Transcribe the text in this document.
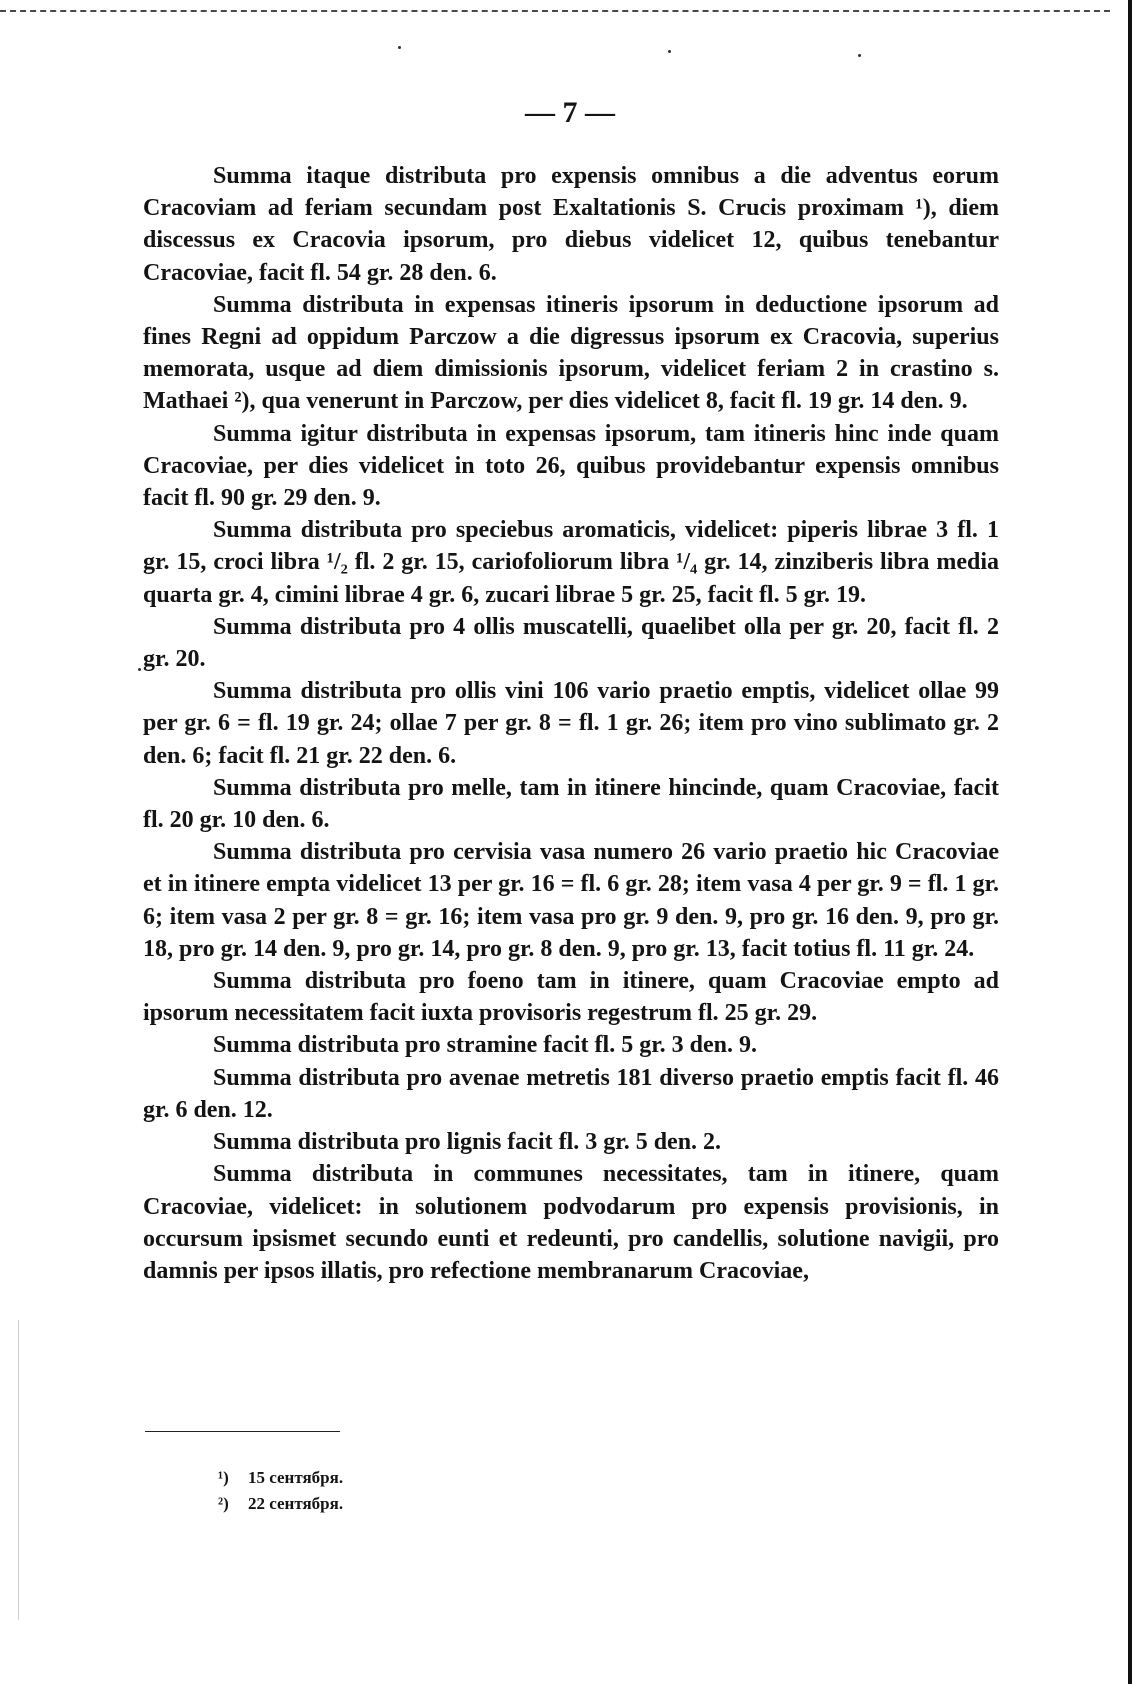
— 7 —

Summa itaque distributa pro expensis omnibus a die adventus eorum Cracoviam ad feriam secundam post Exaltationis S. Crucis proximam ¹), diem discessus ex Cracovia ipsorum, pro diebus videlicet 12, quibus tenebantur Cracoviae, facit fl. 54 gr. 28 den. 6.

Summa distributa in expensas itineris ipsorum in deductione ipsorum ad fines Regni ad oppidum Parczow a die digressus ipsorum ex Cracovia, superius memorata, usque ad diem dimissionis ipsorum, videlicet feriam 2 in crastino s. Mathaei ²), qua venerunt in Parczow, per dies videlicet 8, facit fl. 19 gr. 14 den. 9.

Summa igitur distributa in expensas ipsorum, tam itineris hinc inde quam Cracoviae, per dies videlicet in toto 26, quibus providebantur expensis omnibus facit fl. 90 gr. 29 den. 9.

Summa distributa pro speciebus aromaticis, videlicet: piperis librae 3 fl. 1 gr. 15, croci libra ¹/₂ fl. 2 gr. 15, cariofoliorum libra ¹/₄ gr. 14, zinziberis libra media quarta gr. 4, cimini librae 4 gr. 6, zucari librae 5 gr. 25, facit fl. 5 gr. 19.

Summa distributa pro 4 ollis muscatelli, quaelibet olla per gr. 20, facit fl. 2 gr. 20.

Summa distributa pro ollis vini 106 vario praetio emptis, videlicet ollae 99 per gr. 6 = fl. 19 gr. 24; ollae 7 per gr. 8 = fl. 1 gr. 26; item pro vino sublimato gr. 2 den. 6; facit fl. 21 gr. 22 den. 6.

Summa distributa pro melle, tam in itinere hincinde, quam Cracoviae, facit fl. 20 gr. 10 den. 6.

Summa distributa pro cervisia vasa numero 26 vario praetio hic Cracoviae et in itinere empta videlicet 13 per gr. 16 = fl. 6 gr. 28; item vasa 4 per gr. 9 = fl. 1 gr. 6; item vasa 2 per gr. 8 = gr. 16; item vasa pro gr. 9 den. 9, pro gr. 16 den. 9, pro gr. 18, pro gr. 14 den. 9, pro gr. 14, pro gr. 8 den. 9, pro gr. 13, facit totius fl. 11 gr. 24.

Summa distributa pro foeno tam in itinere, quam Cracoviae empto ad ipsorum necessitatem facit iuxta provisoris regestrum fl. 25 gr. 29.

Summa distributa pro stramine facit fl. 5 gr. 3 den. 9.

Summa distributa pro avenae metretis 181 diverso praetio emptis facit fl. 46 gr. 6 den. 12.

Summa distributa pro lignis facit fl. 3 gr. 5 den. 2.

Summa distributa in communes necessitates, tam in itinere, quam Cracoviae, videlicet: in solutionem podvodarum pro expensis provisionis, in occursum ipsismet secundo eunti et redeunti, pro candellis, solutione navigii, pro damnis per ipsos illatis, pro refectione membranarum Cracoviae,

¹) 15 сентября.
²) 22 сентября.
